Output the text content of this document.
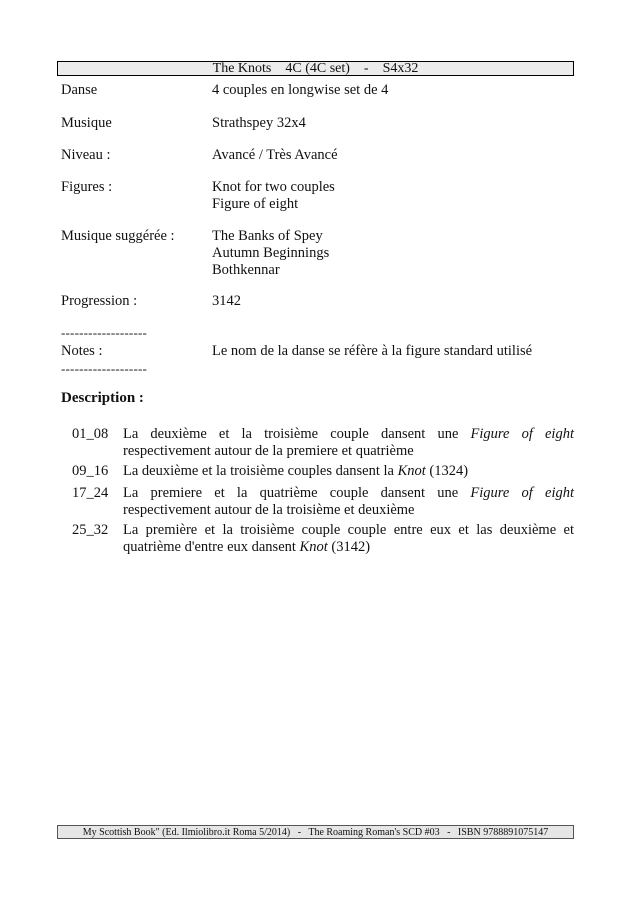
The Knots    4C (4C set)    -    S4x32
Danse	4 couples en longwise set de 4
Musique	Strathspey 32x4
Niveau :	Avancé / Très Avancé
Figures :	Knot for two couples
Figure of eight
Musique suggérée :	The Banks of Spey
Autumn Beginnings
Bothkennar
Progression :	3142
-------------------
Notes :	Le nom de la danse se réfère à la figure standard utilisé
-------------------
Description :
01_08 La deuxième et la troisième couple dansent une Figure of eight
respectivement autour de la premiere et quatrième
09_16 La deuxième et la troisième couples dansent la Knot (1324)
17_24 La premiere et la quatrième couple dansent une Figure of eight
respectivement autour de la troisième et deuxième
25_32 La première et la troisième couple couple entre eux et las deuxième et
quatrième d'entre eux dansent Knot (3142)
My Scottish Book" (Ed. Ilmiolibro.it Roma 5/2014)   -   The Roaming Roman's SCD #03   -   ISBN 9788891075147
